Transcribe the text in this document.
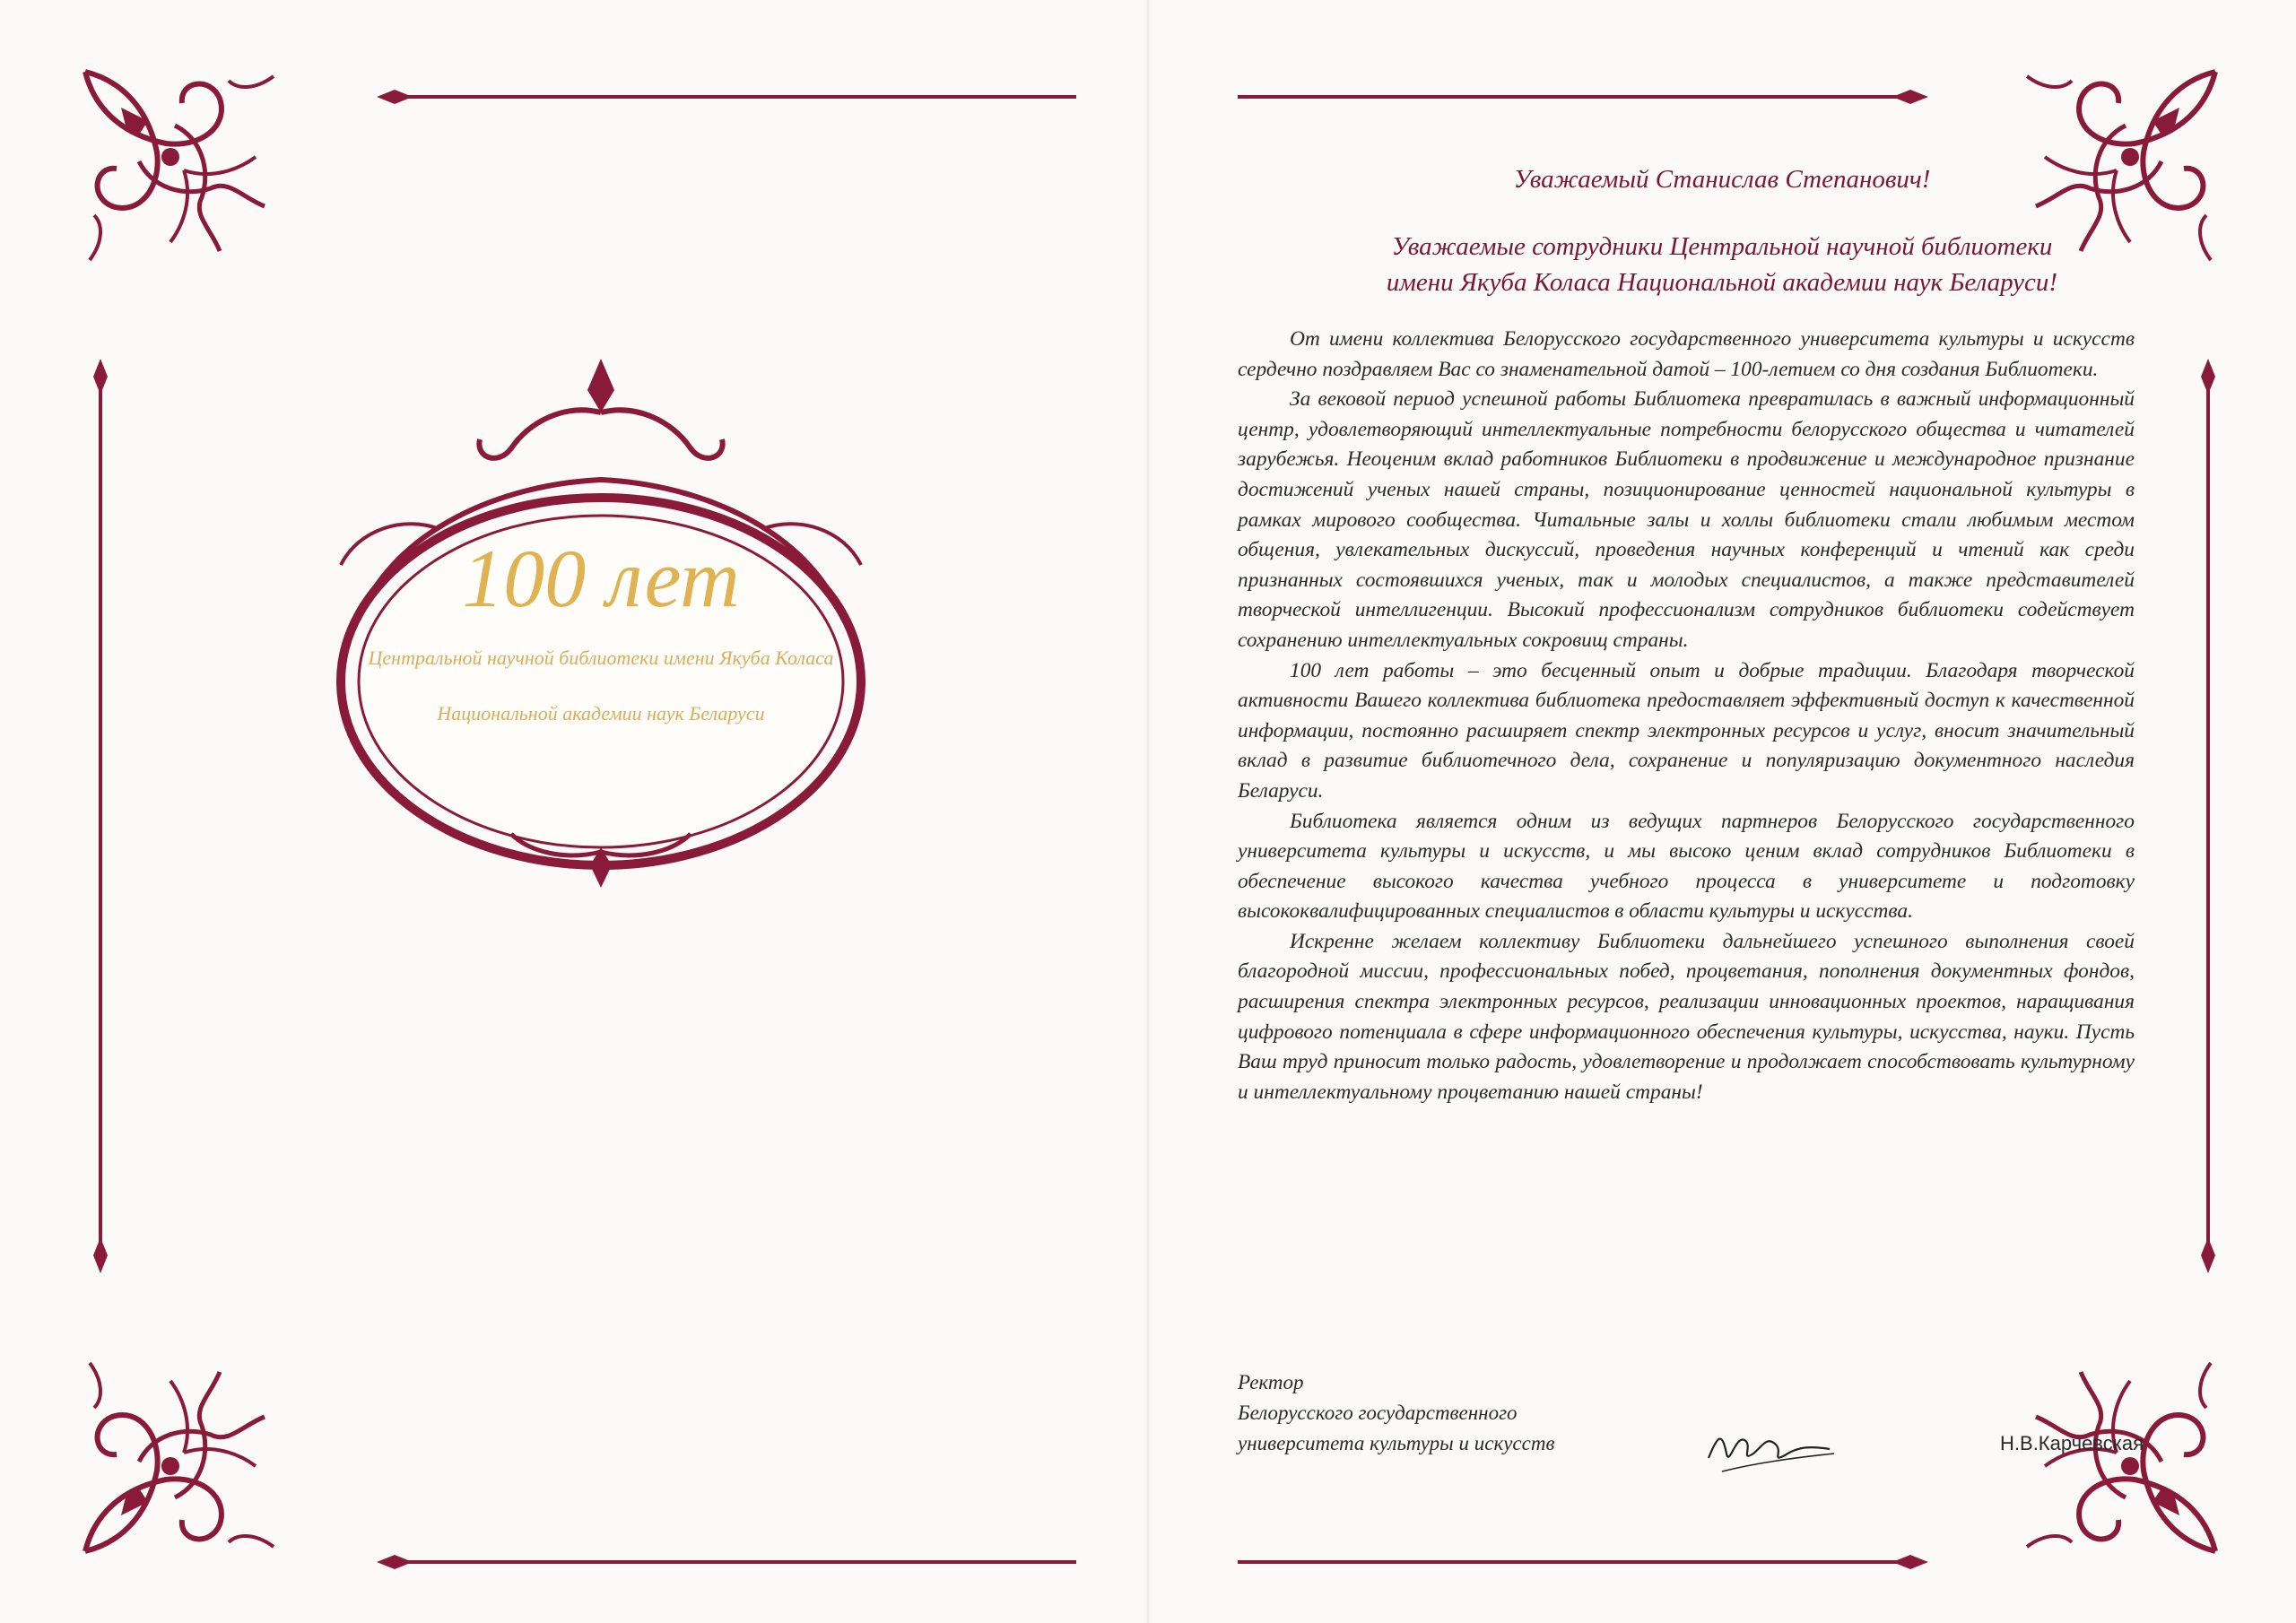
100 лет
Центральной научной библиотеки имени Якуба Коласа
Национальной академии наук Беларуси
Уважаемый Станислав Степанович!
Уважаемые сотрудники Центральной научной библиотеки
имени Якуба Коласа Национальной академии наук Беларуси!

От имени коллектива Белорусского государственного университета культуры и искусств сердечно поздравляем Вас со знаменательной датой – 100-летием со дня создания Библиотеки.

За вековой период успешной работы Библиотека превратилась в важный информационный центр, удовлетворяющий интеллектуальные потребности белорусского общества и читателей зарубежья. Неоценим вклад работников Библиотеки в продвижение и международное признание достижений ученых нашей страны, позиционирование ценностей национальной культуры в рамках мирового сообщества. Читальные залы и холлы библиотеки стали любимым местом общения, увлекательных дискуссий, проведения научных конференций и чтений как среди признанных состоявшихся ученых, так и молодых специалистов, а также представителей творческой интеллигенции. Высокий профессионализм сотрудников библиотеки содействует сохранению интеллектуальных сокровищ страны.

100 лет работы – это бесценный опыт и добрые традиции. Благодаря творческой активности Вашего коллектива библиотека предоставляет эффективный доступ к качественной информации, постоянно расширяет спектр электронных ресурсов и услуг, вносит значительный вклад в развитие библиотечного дела, сохранение и популяризацию документного наследия Беларуси.

Библиотека является одним из ведущих партнеров Белорусского государственного университета культуры и искусств, и мы высоко ценим вклад сотрудников Библиотеки в обеспечение высокого качества учебного процесса в университете и подготовку высококвалифицированных специалистов в области культуры и искусства.

Искренне желаем коллективу Библиотеки дальнейшего успешного выполнения своей благородной миссии, профессиональных побед, процветания, пополнения документных фондов, расширения спектра электронных ресурсов, реализации инновационных проектов, наращивания цифрового потенциала в сфере информационного обеспечения культуры, искусства, науки. Пусть Ваш труд приносит только радость, удовлетворение и продолжает способствовать культурному и интеллектуальному процветанию нашей страны!

Ректор
Белорусского государственного
университета культуры и искусств	Н.В.Карчевская
